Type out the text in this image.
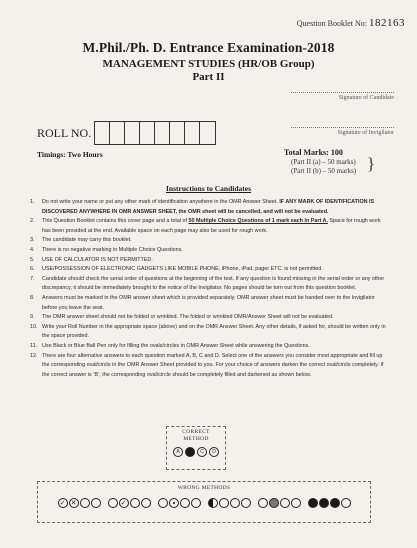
Question Booklet No: 182163
M.Phil./Ph. D. Entrance Examination-2018
MANAGEMENT STUDIES (HR/OB Group)
Part II
Signature of Candidate
Signature of Invigilator
ROLL NO.
Timings: Two Hours	Total Marks: 100
(Part II (a) – 50 marks)
(Part II (b) – 50 marks) }
Instructions to Candidates
1. Do not write your name or put any other mark of identification anywhere in the OMR Answer Sheet. IF ANY MARK OF IDENTIFICATION IS DISCOVERED ANYWHERE IN OMR ANSWER SHEET, the OMR sheet will be cancelled, and will not be evaluated.
2. This Question Booklet contains this cover page and a total of 50 Multiple Choice Questions of 1 mark each in Part A. Space for rough work has been provided at the end. Available space on each page may also be used for rough work.
3. The candidate may carry this booklet.
4. There is no negative marking in Multiple Choice Questions.
5. USE OF CALCULATOR IS NOT PERMITTED.
6. USE/POSSESSION OF ELECTRONIC GADGETS LIKE MOBILE PHONE, iPhone, iPad, pager ETC. is not permitted.
7. Candidate should check the serial order of questions at the beginning of the test. If any question is found missing in the serial order or any other discrepancy, it should be immediately brought to the notice of the Invigilator. No pages should be torn out from this question booklet.
8. Answers must be marked in the OMR answer sheet which is provided separately. OMR answer sheet must be handed over to the Invigilator before you leave the seat.
9. The OMR answer sheet should not be folded or wrinkled. The folded or wrinkled OMR/Answer Sheet will not be evaluated.
10. Write your Roll Number in the appropriate space (above) and on the OMR Answer Sheet. Any other details, if asked for, should be written only in the space provided.
11. Use Black or Blue Ball Pen only for filling the ovals/circles in OMR Answer Sheet while answering the Questions.
12. There are four alternative answers to each question marked A, B, C and D. Select one of the answers you consider most appropriate and fill up the corresponding oval/circle in the OMR Answer Sheet provided to you. For your choice of answers darken the correct oval/circle completely. If the correct answer is ‘B’, the corresponding oval/circle should be completely filled and darkened as shown below.
CORRECT
METHOD
A	B	C	D
WRONG METHODS
✓ ✕	✓
